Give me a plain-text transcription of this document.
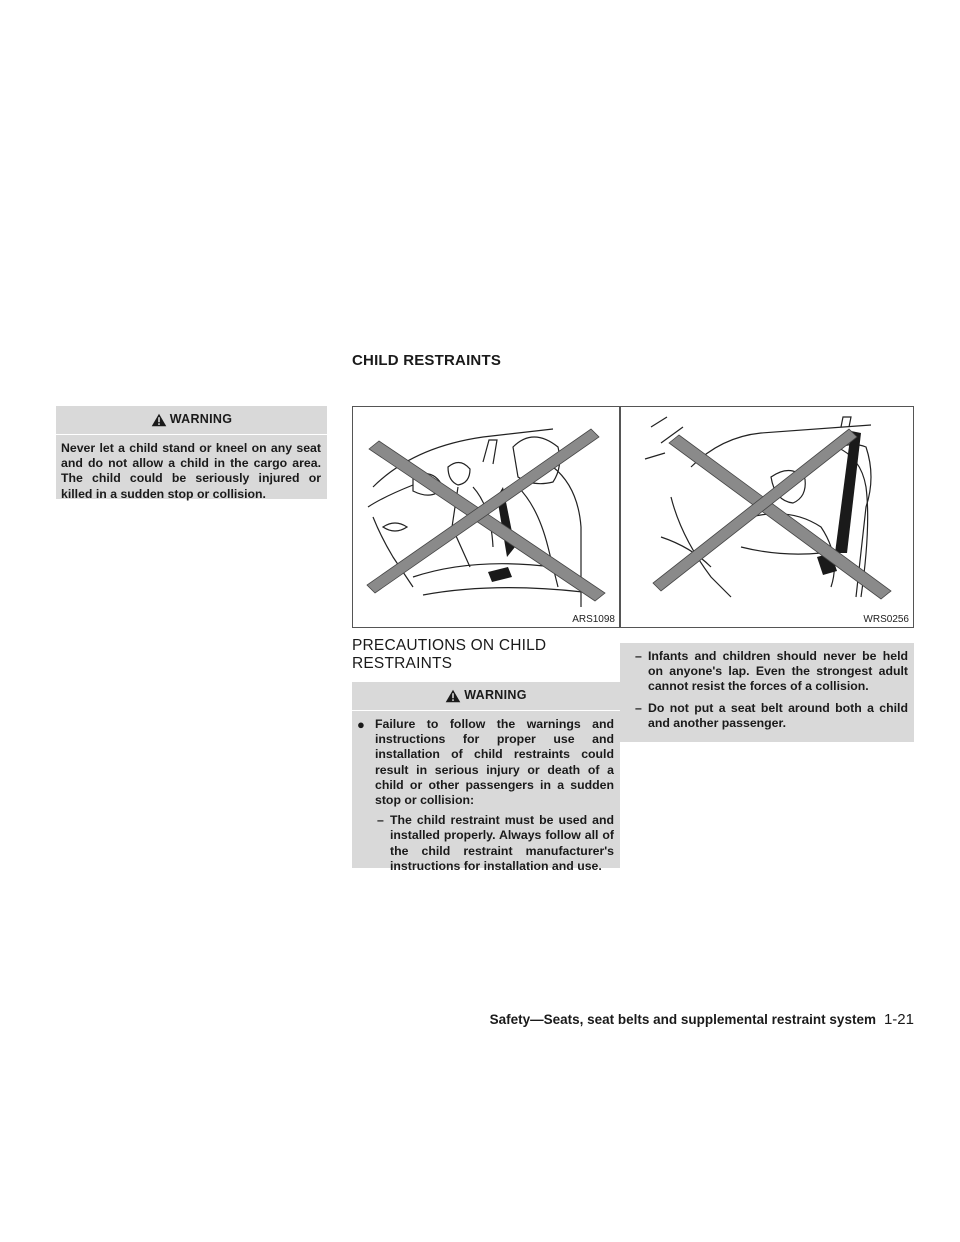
CHILD RESTRAINTS
WARNING
Never let a child stand or kneel on any seat and do not allow a child in the cargo area. The child could be seriously injured or killed in a sudden stop or collision.
ARS1098	WRS0256
PRECAUTIONS ON CHILD RESTRAINTS
WARNING
● Failure to follow the warnings and instructions for proper use and installation of child restraints could result in serious injury or death of a child or other passengers in a sudden stop or collision:
– The child restraint must be used and installed properly. Always follow all of the child restraint manufacturer's instructions for installation and use.
– Infants and children should never be held on anyone's lap. Even the strongest adult cannot resist the forces of a collision.
– Do not put a seat belt around both a child and another passenger.
Safety—Seats, seat belts and supplemental restraint system 1-21
